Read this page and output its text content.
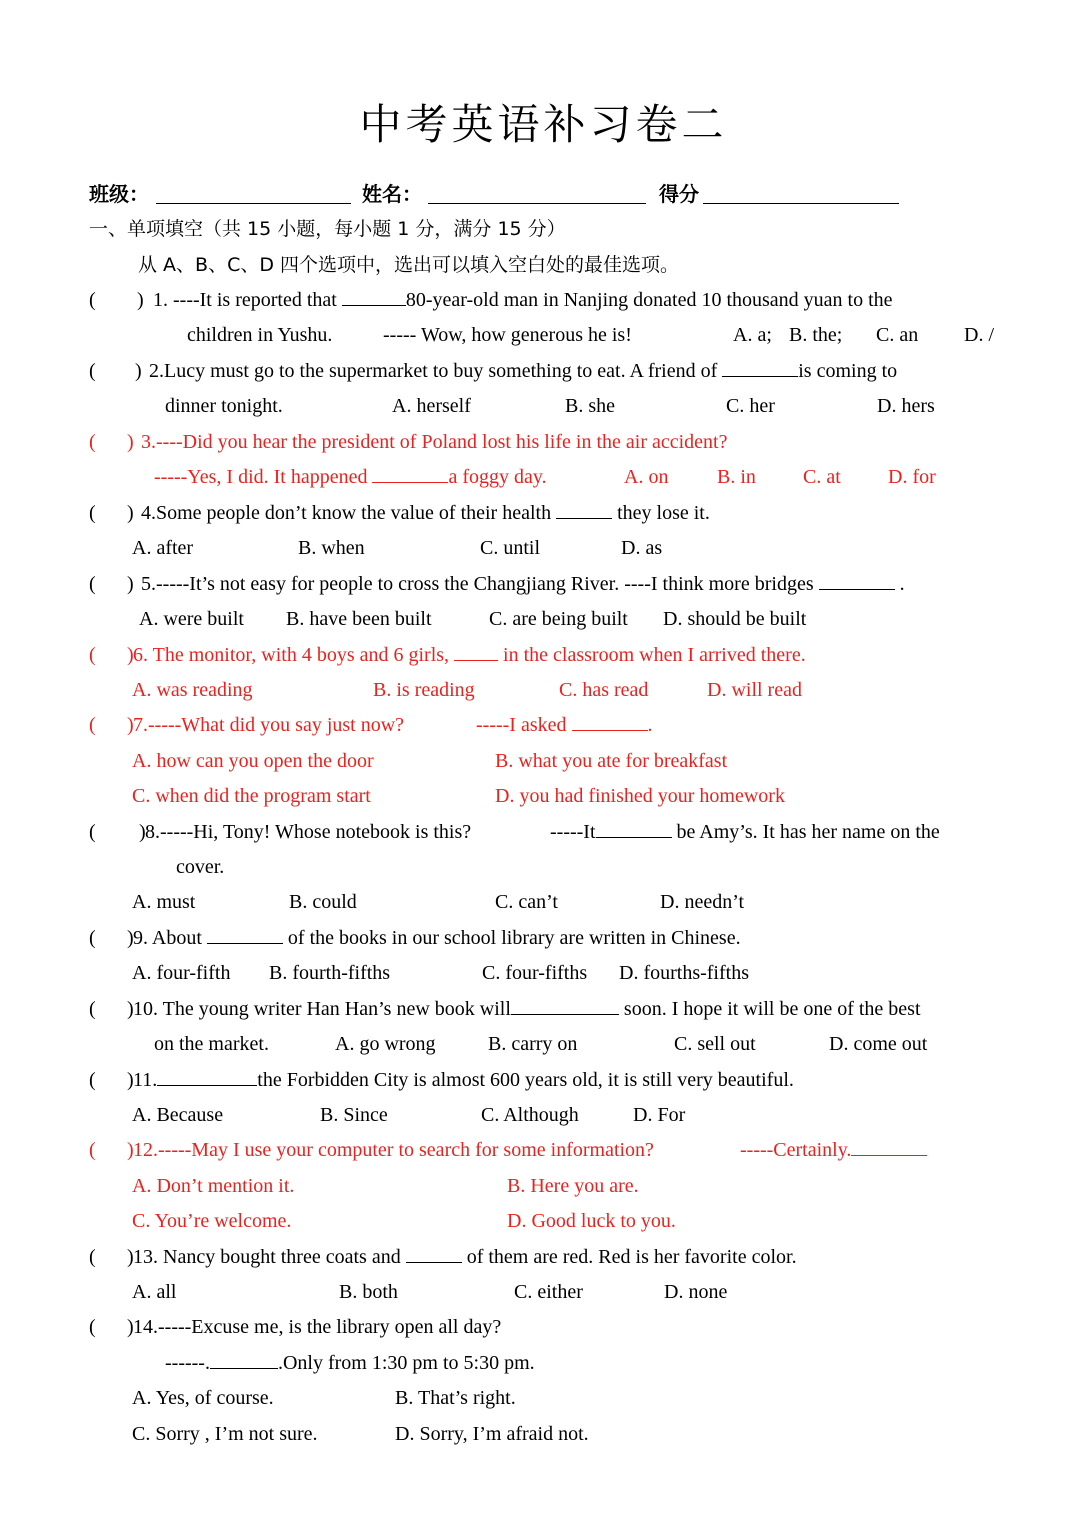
中考英语补习卷二
班级：	姓名：	得分
一、单项填空（共 15 小题，每小题 1 分，满分 15 分）
从 A、B、C、D 四个选项中，选出可以填入空白处的最佳选项。
( ) 1. ----It is reported that	80-year-old man in Nanjing donated 10 thousand yuan to the
children in Yushu.	----- Wow, how generous he is!	A. a; B. the; C. an D. /
( ) 2.Lucy must go to the supermarket to buy something to eat. A friend of	is coming to
dinner tonight.	A. herself	B. she	C. her	D. hers
( ) 3.----Did you hear the president of Poland lost his life in the air accident?
-----Yes, I did. It happened	a foggy day.	A. on B. in C. at D. for
( ) 4.Some people don’t know the value of their health	they lose it.
A. after	B. when	C. until	D. as
( ) 5.-----It’s not easy for people to cross the Changjiang River. ----I think more bridges	.
A. were built B. have been built	C. are being built D. should be built
( ) 6. The monitor, with 4 boys and 6 girls,  in the classroom when I arrived there.
A. was reading	B. is reading	C. has read	D. will read
( ) 7.-----What did you say just now?	-----I asked	.
A. how can you open the door	B. what you ate for breakfast
C. when did the program start	D. you had finished your homework
( ) 8.-----Hi, Tony! Whose notebook is this?	-----It	be Amy’s. It has her name on the
cover.
A. must	B. could	C. can’t	D. needn’t
( ) 9. About	of the books in our school library are written in Chinese.
A. four-fifth B. fourth-fifths	C. four-fifths D. fourths-fifths
( ) 10. The young writer Han Han’s new book will	soon. I hope it will be one of the best
on the market.	A. go wrong	B. carry on	C. sell out	D. come out
( ) 11.	the Forbidden City is almost 600 years old, it is still very beautiful.
A. Because	B. Since	C. Although	D. For
( ) 12.-----May I use your computer to search for some information?	-----Certainly.
A. Don’t mention it.	B. Here you are.
C. You’re welcome.	D. Good luck to you.
( ) 13. Nancy bought three coats and	of them are red. Red is her favorite color.
A. all	B. both	C. either	D. none
( ) 14.-----Excuse me, is the library open all day?
------.	.Only from 1:30 pm to 5:30 pm.
A. Yes, of course.	B. That’s right.
C. Sorry , I’m not sure.	D. Sorry, I’m afraid not.
